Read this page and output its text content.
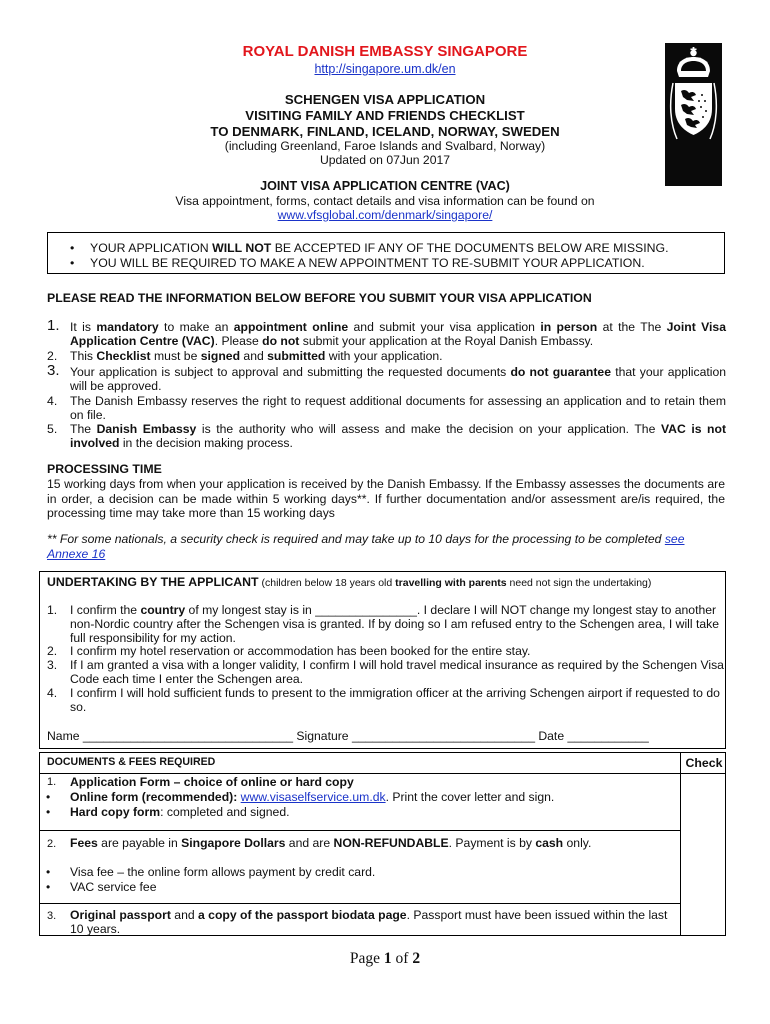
ROYAL DANISH EMBASSY SINGAPORE
http://singapore.um.dk/en
SCHENGEN VISA APPLICATION
VISITING FAMILY AND FRIENDS CHECKLIST
TO DENMARK, FINLAND, ICELAND, NORWAY, SWEDEN
(including Greenland, Faroe Islands and Svalbard, Norway)
Updated on 07Jun 2017
JOINT VISA APPLICATION CENTRE (VAC)
Visa appointment, forms, contact details and visa information can be found on
www.vfsglobal.com/denmark/singapore/
• YOUR APPLICATION WILL NOT BE ACCEPTED IF ANY OF THE DOCUMENTS BELOW ARE MISSING.
• YOU WILL BE REQUIRED TO MAKE A NEW APPOINTMENT TO RE-SUBMIT YOUR APPLICATION.
PLEASE READ THE INFORMATION BELOW BEFORE YOU SUBMIT YOUR VISA APPLICATION
1. It is mandatory to make an appointment online and submit your visa application in person at the The Joint Visa Application Centre (VAC). Please do not submit your application at the Royal Danish Embassy.
2.	This Checklist must be signed and submitted with your application.
3. Your application is subject to approval and submitting the requested documents do not guarantee that your application will be approved.
4.	The Danish Embassy reserves the right to request additional documents for assessing an application and to retain them on file.
5.	The Danish Embassy is the authority who will assess and make the decision on your application. The VAC is not involved in the decision making process.
PROCESSING TIME
15 working days from when your application is received by the Danish Embassy. If the Embassy assesses the documents are in order, a decision can be made within 5 working days**. If further documentation and/or assessment are/is required, the processing time may take more than 15 working days
** For some nationals, a security check is required and may take up to 10 days for the processing to be completed see Annexe 16
UNDERTAKING BY THE APPLICANT (children below 18 years old travelling with parents need not sign the undertaking)
1. I confirm the country of my longest stay is in _______________. I declare I will NOT change my longest stay to another non-Nordic country after the Schengen visa is granted. If by doing so I am refused entry to the Schengen area, I will take full responsibility for my action.
2. I confirm my hotel reservation or accommodation has been booked for the entire stay.
3. If I am granted a visa with a longer validity, I confirm I will hold travel medical insurance as required by the Schengen Visa Code each time I enter the Schengen area.
4. I confirm I will hold sufficient funds to present to the immigration officer at the arriving Schengen airport if requested to do so.
Name _______________________________ Signature ___________________________ Date ____________
DOCUMENTS & FEES REQUIRED	Check
1. Application Form – choice of online or hard copy
• Online form (recommended): www.visaselfservice.um.dk. Print the cover letter and sign.
• Hard copy form: completed and signed.
2. Fees are payable in Singapore Dollars and are NON-REFUNDABLE. Payment is by cash only.
• Visa fee – the online form allows payment by credit card.
• VAC service fee
3. Original passport and a copy of the passport biodata page. Passport must have been issued within the last 10 years.
Page 1 of 2
